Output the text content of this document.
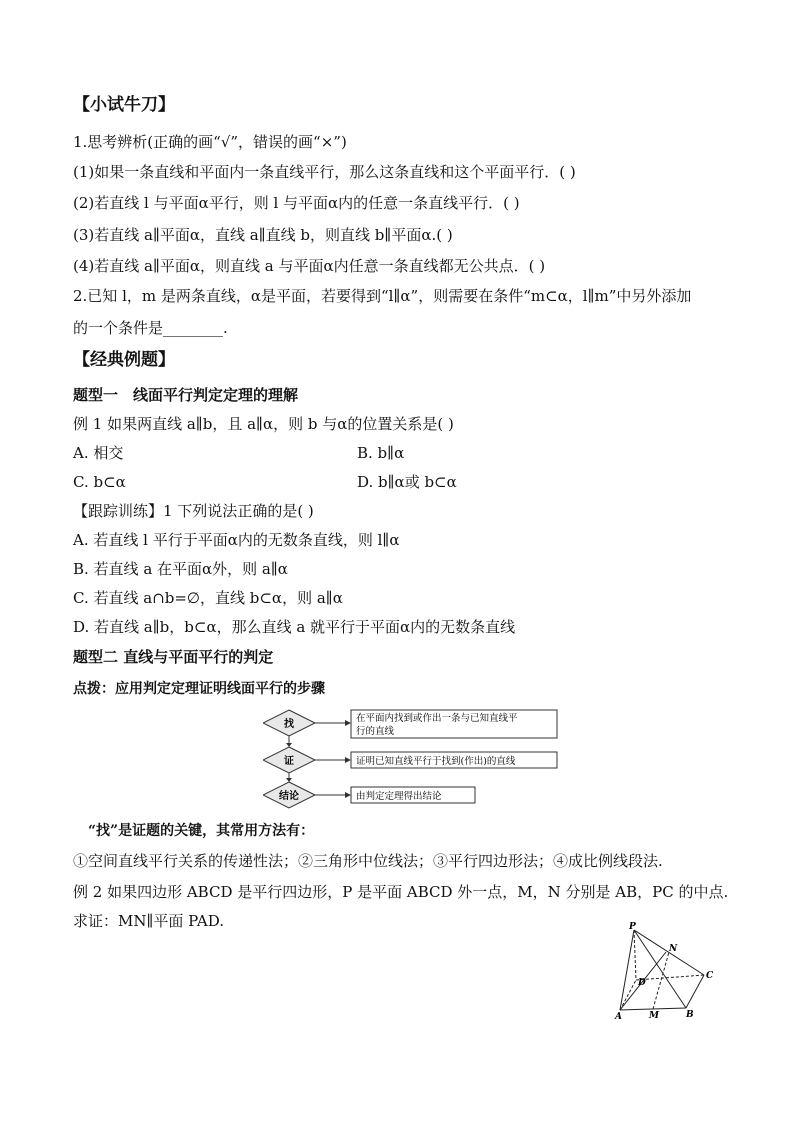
【小试牛刀】
1.思考辨析(正确的画“√”，错误的画“×”)
(1)如果一条直线和平面内一条直线平行，那么这条直线和这个平面平行．( )
(2)若直线 l 与平面α平行，则 l 与平面α内的任意一条直线平行．( )
(3)若直线 a∥平面α，直线 a∥直线 b，则直线 b∥平面α.( )
(4)若直线 a∥平面α，则直线 a 与平面α内任意一条直线都无公共点．( )
2.已知 l，m 是两条直线，α是平面，若要得到“l∥α”，则需要在条件“m⊂α，l∥m”中另外添加
的一个条件是________.
【经典例题】
题型一　线面平行判定定理的理解
例 1 如果两直线 a∥b，且 a∥α，则 b 与α的位置关系是( )
A. 相交	B. b∥α
C. b⊂α	D. b∥α或 b⊂α
【跟踪训练】1 下列说法正确的是( )
A. 若直线 l 平行于平面α内的无数条直线，则 l∥α
B. 若直线 a 在平面α外，则 a∥α
C. 若直线 a∩b=∅，直线 b⊂α，则 a∥α
D. 若直线 a∥b，b⊂α，那么直线 a 就平行于平面α内的无数条直线
题型二 直线与平面平行的判定
点拨：应用判定定理证明线面平行的步骤
找
证
结论
在平面内找到或作出一条与已知直线平
行的直线
证明已知直线平行于找到(作出)的直线
由判定定理得出结论
“找”是证题的关键，其常用方法有：
①空间直线平行关系的传递性法；②三角形中位线法；③平行四边形法；④成比例线段法.
例 2 如果四边形 ABCD 是平行四边形，P 是平面 ABCD 外一点，M，N 分别是 AB，PC 的中点.
求证：MN∥平面 PAD.	P
N
C
D
A	M	B
